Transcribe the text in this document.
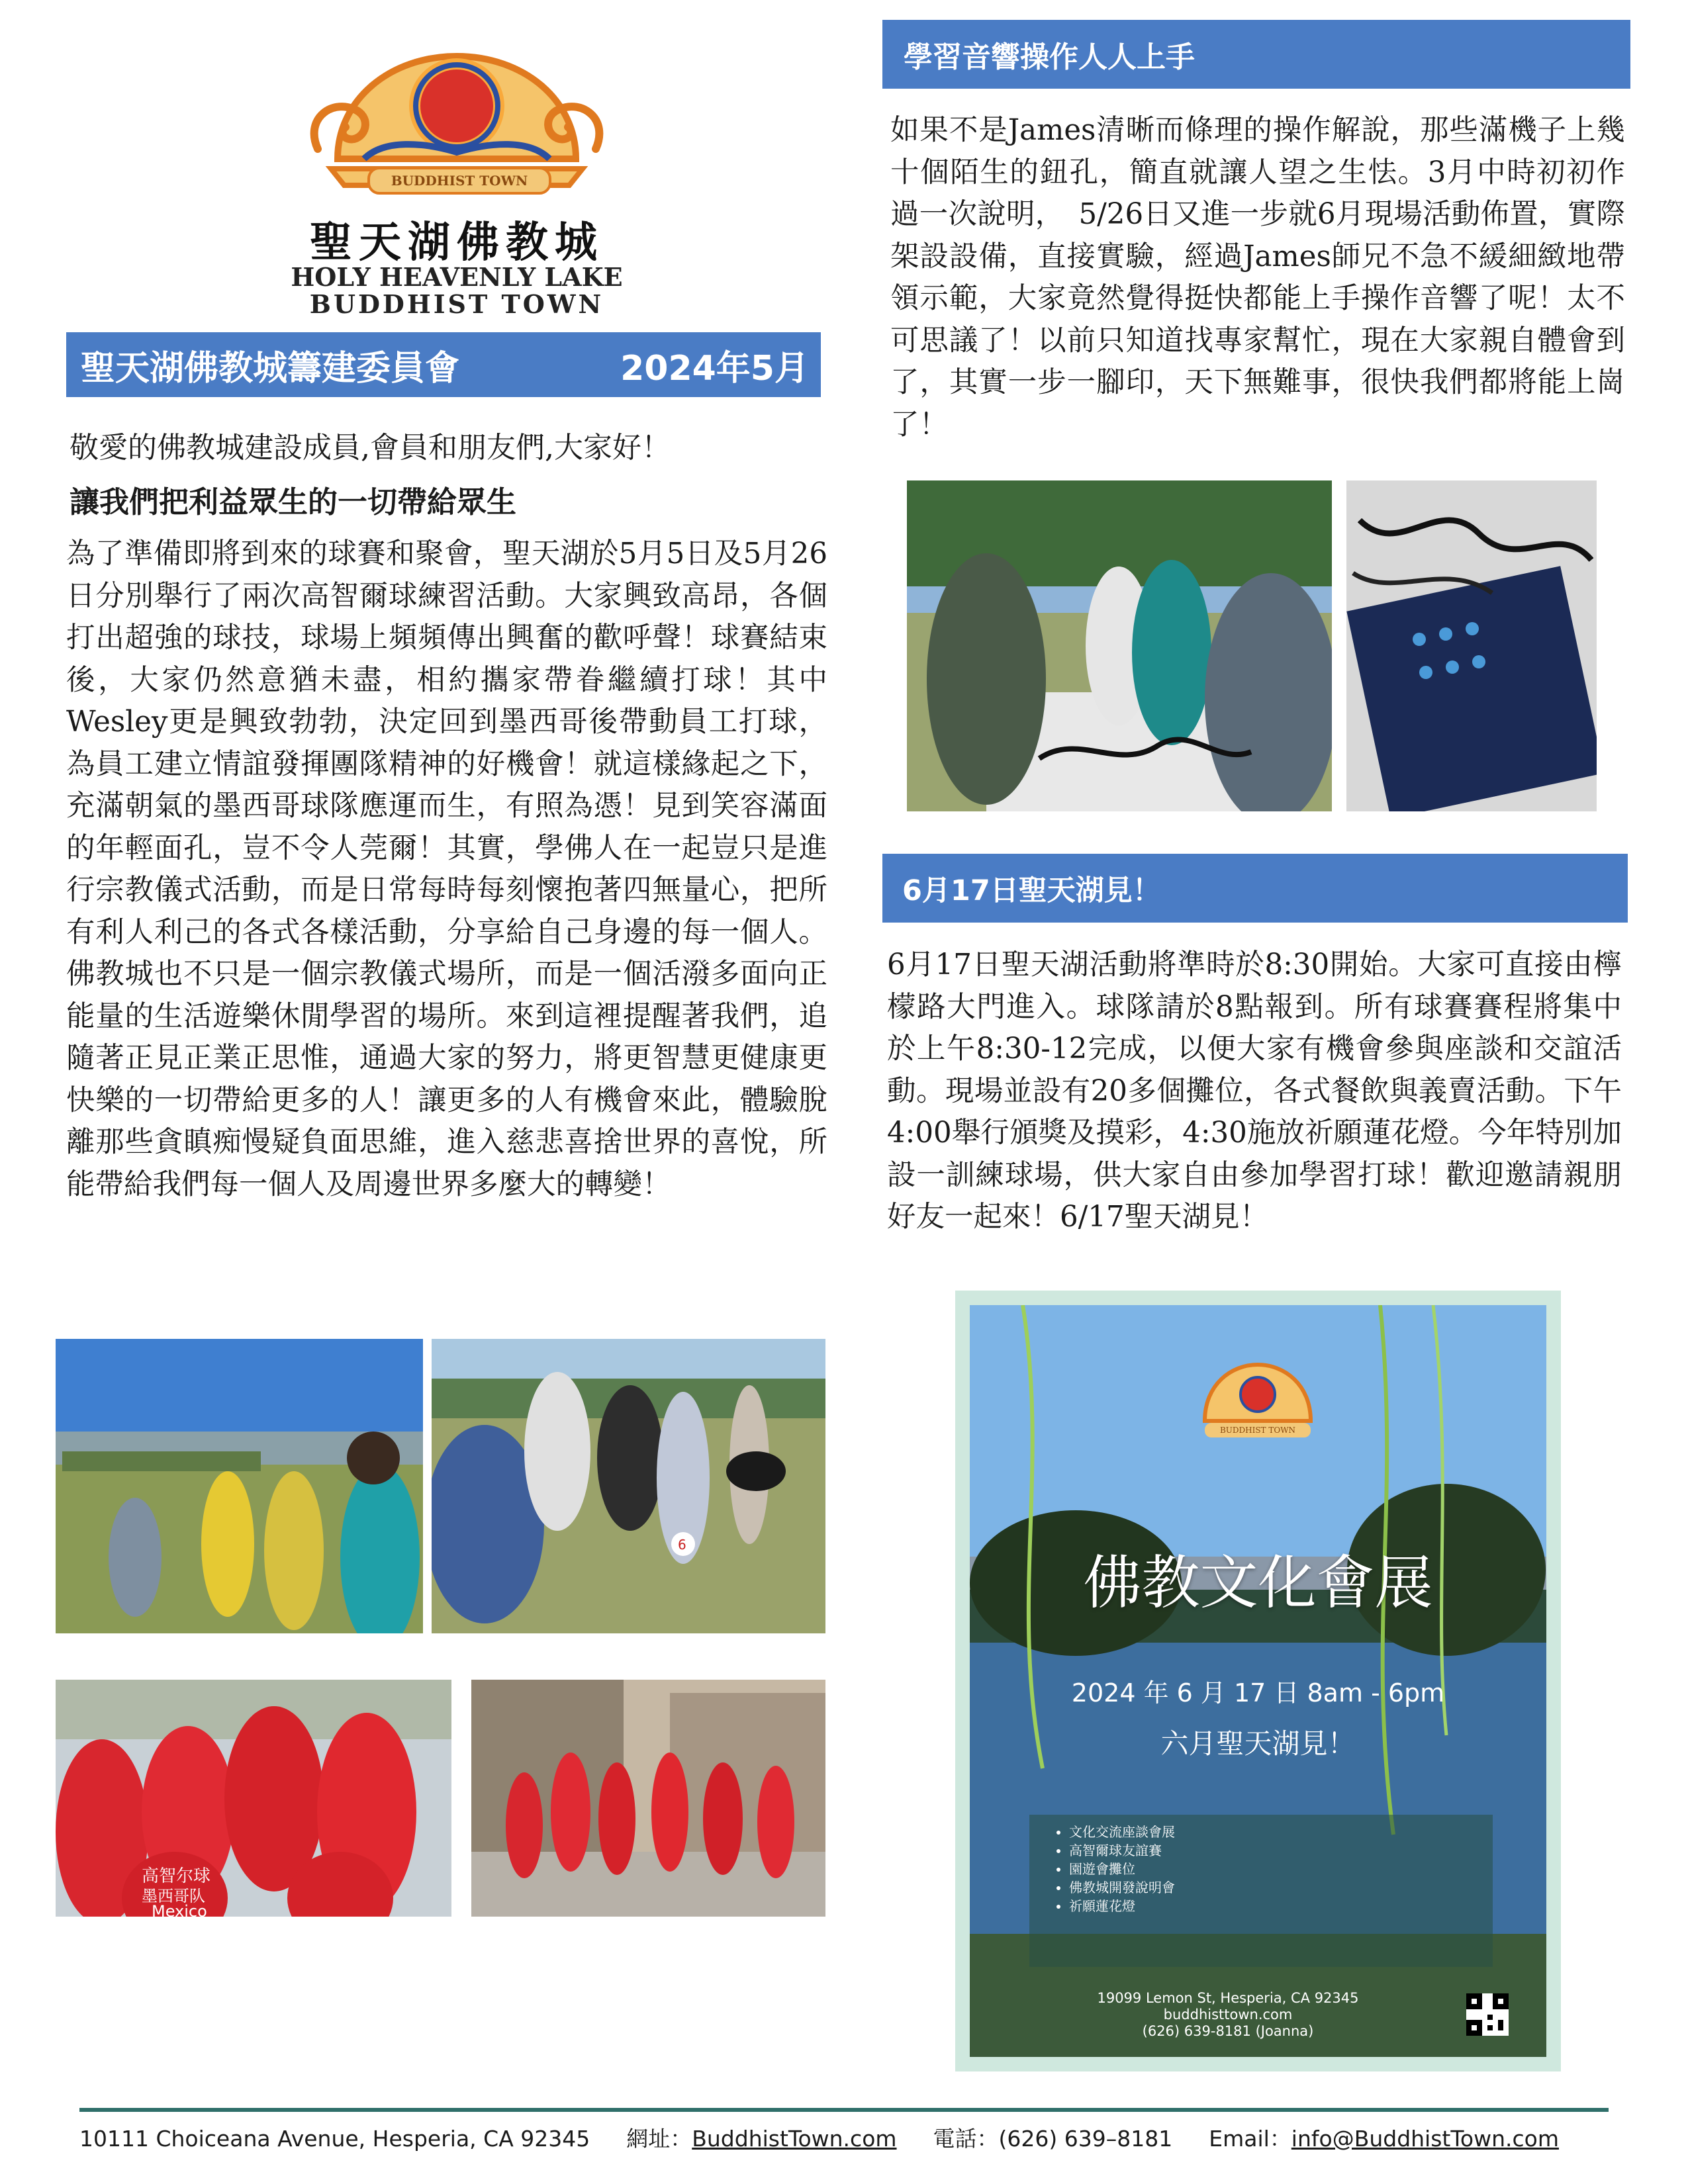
BUDDHIST TOWN
聖天湖佛教城
HOLY HEAVENLY LAKE
BUDDHIST TOWN
聖天湖佛教城籌建委員會	2024年5月
敬愛的佛教城建設成員,會員和朋友們,大家好！
讓我們把利益眾生的一切帶給眾生

為了準備即將到來的球賽和聚會，聖天湖於5月5日及5月26日分別舉行了兩次高智爾球練習活動。大家興致高昂，各個打出超強的球技，球場上頻頻傳出興奮的歡呼聲！球賽結束後，大家仍然意猶未盡，相約攜家帶眷繼續打球！其中Wesley更是興致勃勃，決定回到墨西哥後帶動員工打球，為員工建立情誼發揮團隊精神的好機會！就這樣緣起之下，充滿朝氣的墨西哥球隊應運而生，有照為憑！見到笑容滿面的年輕面孔，豈不令人莞爾！其實，學佛人在一起豈只是進行宗教儀式活動，而是日常每時每刻懷抱著四無量心，把所有利人利己的各式各樣活動，分享給自己身邊的每一個人。佛教城也不只是一個宗教儀式場所，而是一個活潑多面向正能量的生活遊樂休閒學習的場所。來到這裡提醒著我們，追隨著正見正業正思惟，通過大家的努力，將更智慧更健康更快樂的一切帶給更多的人！讓更多的人有機會來此，體驗脫離那些貪瞋痴慢疑負面思維，進入慈悲喜捨世界的喜悅，所能帶給我們每一個人及周邊世界多麼大的轉變！

6
高智尔球
墨西哥队
Mexico
學習音響操作人人上手

如果不是James清晰而條理的操作解說，那些滿機子上幾十個陌生的鈕孔，簡直就讓人望之生怯。3月中時初初作過一次說明，　5/26日又進一步就6月現場活動佈置，實際架設設備，直接實驗，經過James師兄不急不緩細緻地帶領示範，大家竟然覺得挺快都能上手操作音響了呢！太不可思議了！以前只知道找專家幫忙，現在大家親自體會到了，其實一步一腳印，天下無難事，很快我們都將能上崗了！

6月17日聖天湖見！

6月17日聖天湖活動將準時於8:30開始。大家可直接由檸檬路大門進入。球隊請於8點報到。所有球賽賽程將集中於上午8:30-12完成，以便大家有機會參與座談和交誼活動。現場並設有20多個攤位，各式餐飲與義賣活動。下午4:00舉行頒獎及摸彩，4:30施放祈願蓮花燈。今年特別加設一訓練球場，供大家自由參加學習打球！歡迎邀請親朋好友一起來！6/17聖天湖見！

BUDDHIST TOWN
佛教文化會展
2024 年 6 月 17 日 8am - 6pm
六月聖天湖見！
• 文化交流座談會展
• 高智爾球友誼賽
• 園遊會攤位
• 佛教城開發說明會
• 祈願蓮花燈
19099 Lemon St, Hesperia, CA 92345
buddhisttown.com
(626) 639-8181 (Joanna)
10111 Choiceana Avenue, Hesperia, CA 92345 網址：BuddhistTown.com 電話：(626) 639–8181 Email：info@BuddhistTown.com
